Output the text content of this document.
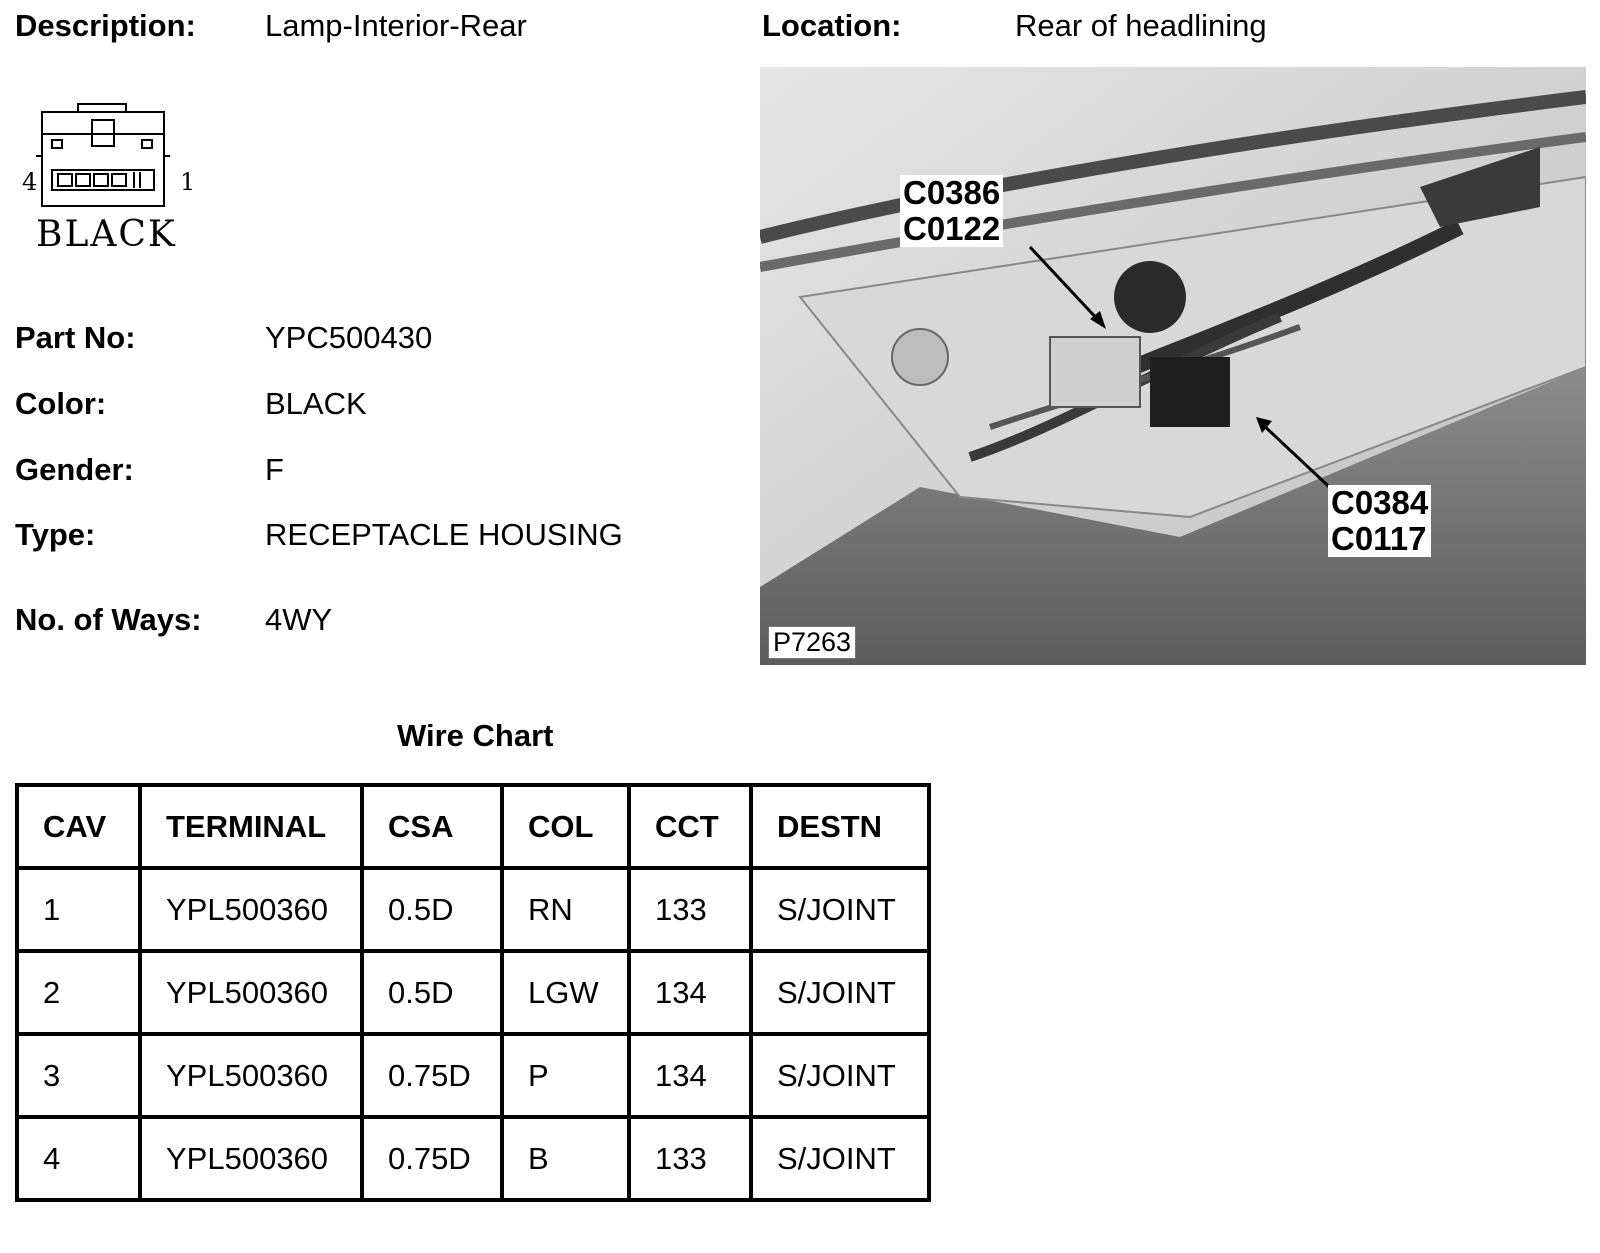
Description: Lamp-Interior-Rear	Location:	Rear of headlining
4	1
BLACK
Part No:	YPC500430
Color:	BLACK
Gender:	F
Type:	RECEPTACLE HOUSING
No. of Ways: 4WY
C0386
C0122
C0384
C0117
P7263
Wire Chart
CAV	TERMINAL	CSA	COL	CCT	DESTN
1	YPL500360	0.5D	RN	133	S/JOINT
2	YPL500360	0.5D	LGW	134	S/JOINT
3	YPL500360	0.75D	P	134	S/JOINT
4	YPL500360	0.75D	B	133	S/JOINT
